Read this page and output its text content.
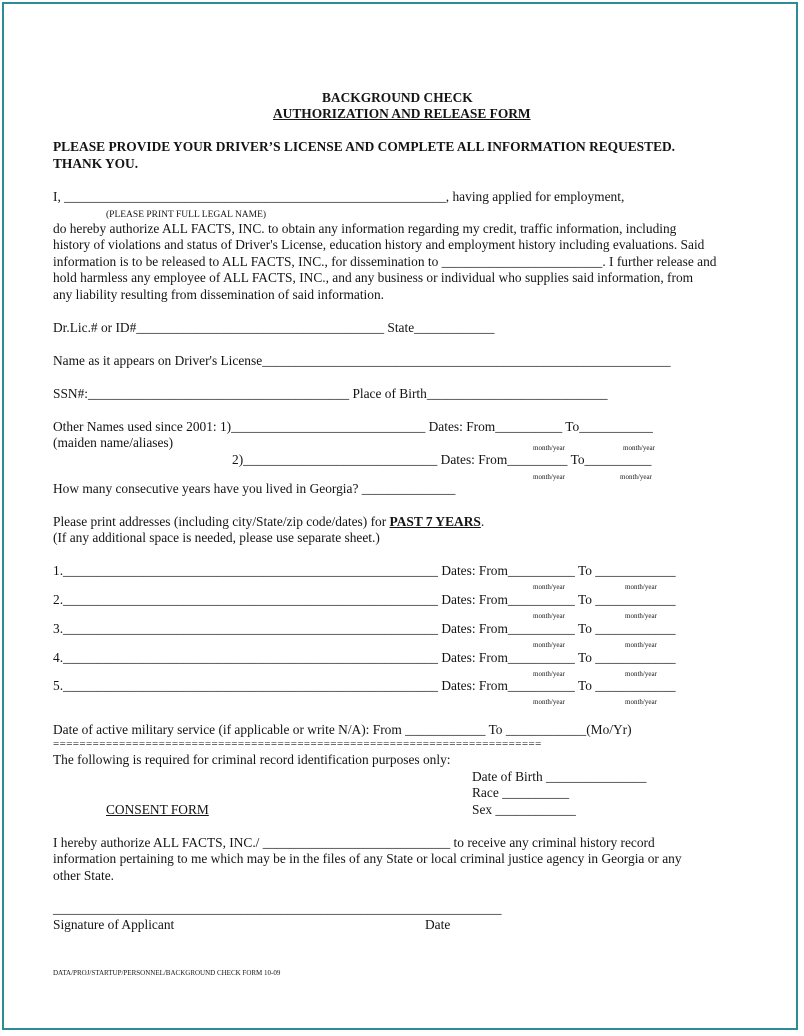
BACKGROUND CHECK
AUTHORIZATION AND RELEASE FORM
PLEASE PROVIDE YOUR DRIVER’S LICENSE AND COMPLETE ALL INFORMATION REQUESTED.
THANK YOU.
I, _________________________________________________________, having applied for employment,
(PLEASE PRINT FULL LEGAL NAME)
do hereby authorize ALL FACTS, INC. to obtain any information regarding my credit, traffic information, including
history of violations and status of Driver's License, education history and employment history including evaluations. Said
information is to be released to ALL FACTS, INC., for dissemination to ________________________. I further release and
hold harmless any employee of ALL FACTS, INC., and any business or individual who supplies said information, from
any liability resulting from dissemination of said information.
Dr.Lic.# or ID#_____________________________________ State____________
Name as it appears on Driver's License_____________________________________________________________
SSN#:_______________________________________ Place of Birth___________________________
Other Names used since 2001: 1)_____________________________ Dates: From__________ To___________
(maiden name/aliases)	month/year	month/year
2)_____________________________ Dates: From_________ To__________
month/year	month/year
How many consecutive years have you lived in Georgia? ______________
Please print addresses (including city/State/zip code/dates) for PAST 7 YEARS.
(If any additional space is needed, please use separate sheet.)
1.________________________________________________________ Dates: From__________ To ____________
month/year	month/year
2.________________________________________________________ Dates: From__________ To ____________
month/year	month/year
3.________________________________________________________ Dates: From__________ To ____________
month/year	month/year
4.________________________________________________________ Dates: From__________ To ____________
month/year	month/year
5.________________________________________________________ Dates: From__________ To ____________
month/year	month/year
Date of active military service (if applicable or write N/A): From ____________ To ____________(Mo/Yr)
==========================================================================
The following is required for criminal record identification purposes only:
Date of Birth _______________
Race __________
Sex ____________
CONSENT FORM
I hereby authorize ALL FACTS, INC./ ____________________________ to receive any criminal history record
information pertaining to me which may be in the files of any State or local criminal justice agency in Georgia or any
other State.
___________________________________________________________________
Signature of Applicant	Date
DATA/PROJ/STARTUP/PERSONNEL/BACKGROUND CHECK FORM 10-09
